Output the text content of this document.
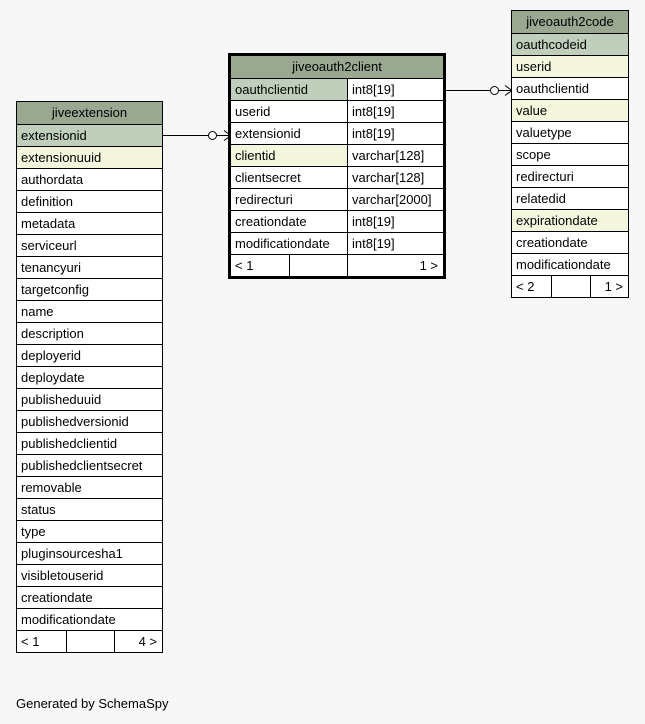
jiveextension
extensionid
extensionuuid
authordata
definition
metadata
serviceurl
tenancyuri
targetconfig
name
description
deployerid
deploydate
publisheduuid
publishedversionid
publishedclientid
publishedclientsecret
removable
status
type
pluginsourcesha1
visibletouserid
creationdate
modificationdate
< 1	4 >
jiveoauth2client
oauthclientid	int8[19]
userid	int8[19]
extensionid	int8[19]
clientid	varchar[128]
clientsecret	varchar[128]
redirecturi	varchar[2000]
creationdate	int8[19]
modificationdate	int8[19]
< 1	1 >
jiveoauth2code
oauthcodeid
userid
oauthclientid
value
valuetype
scope
redirecturi
relatedid
expirationdate
creationdate
modificationdate
< 2	1 >
Generated by SchemaSpy
